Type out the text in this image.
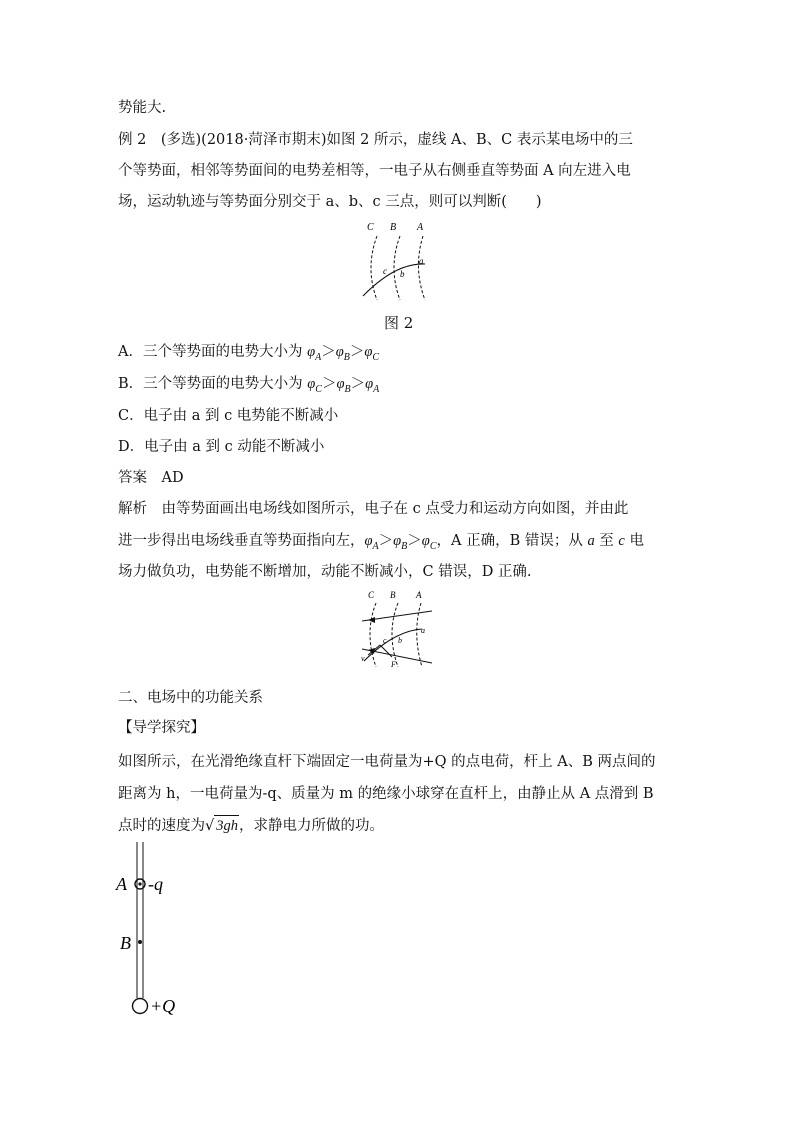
势能大.
例 2　 (多选)(2018·菏泽市期末)如图 2 所示，虚线 A、B、C 表示某电场中的三
个等势面，相邻等势面间的电势差相等，一电子从右侧垂直等势面 A 向左进入电
场，运动轨迹与等势面分别交于 a、b、c 三点，则可以判断(　　)
C B A
a
b
c
图 2
A．三个等势面的电势大小为 $\varphi_A>\varphi_B>\varphi_C$
B．三个等势面的电势大小为 $\varphi_C>\varphi_B>\varphi_A$
C．电子由 a 到 c 电势能不断减小
D．电子由 a 到 c 动能不断减小
答案　AD
解析　由等势面画出电场线如图所示，电子在 c 点受力和运动方向如图，并由此
进一步得出电场线垂直等势面指向左，$\varphi_A>\varphi_B>\varphi_C$，A 正确，B 错误；从 a 至 c 电
场力做负功，电势能不断增加，动能不断减小，C 错误，D 正确.
C B A
a
b
c
v
F
二、电场中的功能关系
【导学探究】
如图所示，在光滑绝缘直杆下端固定一电荷量为+Q 的点电荷，杆上 A、B 两点间的
距离为 h，一电荷量为-q、质量为 m 的绝缘小球穿在直杆上，由静止从 A 点滑到 B
点时的速度为√ 3gh，求静电力所做的功。
A -q
B
+Q
